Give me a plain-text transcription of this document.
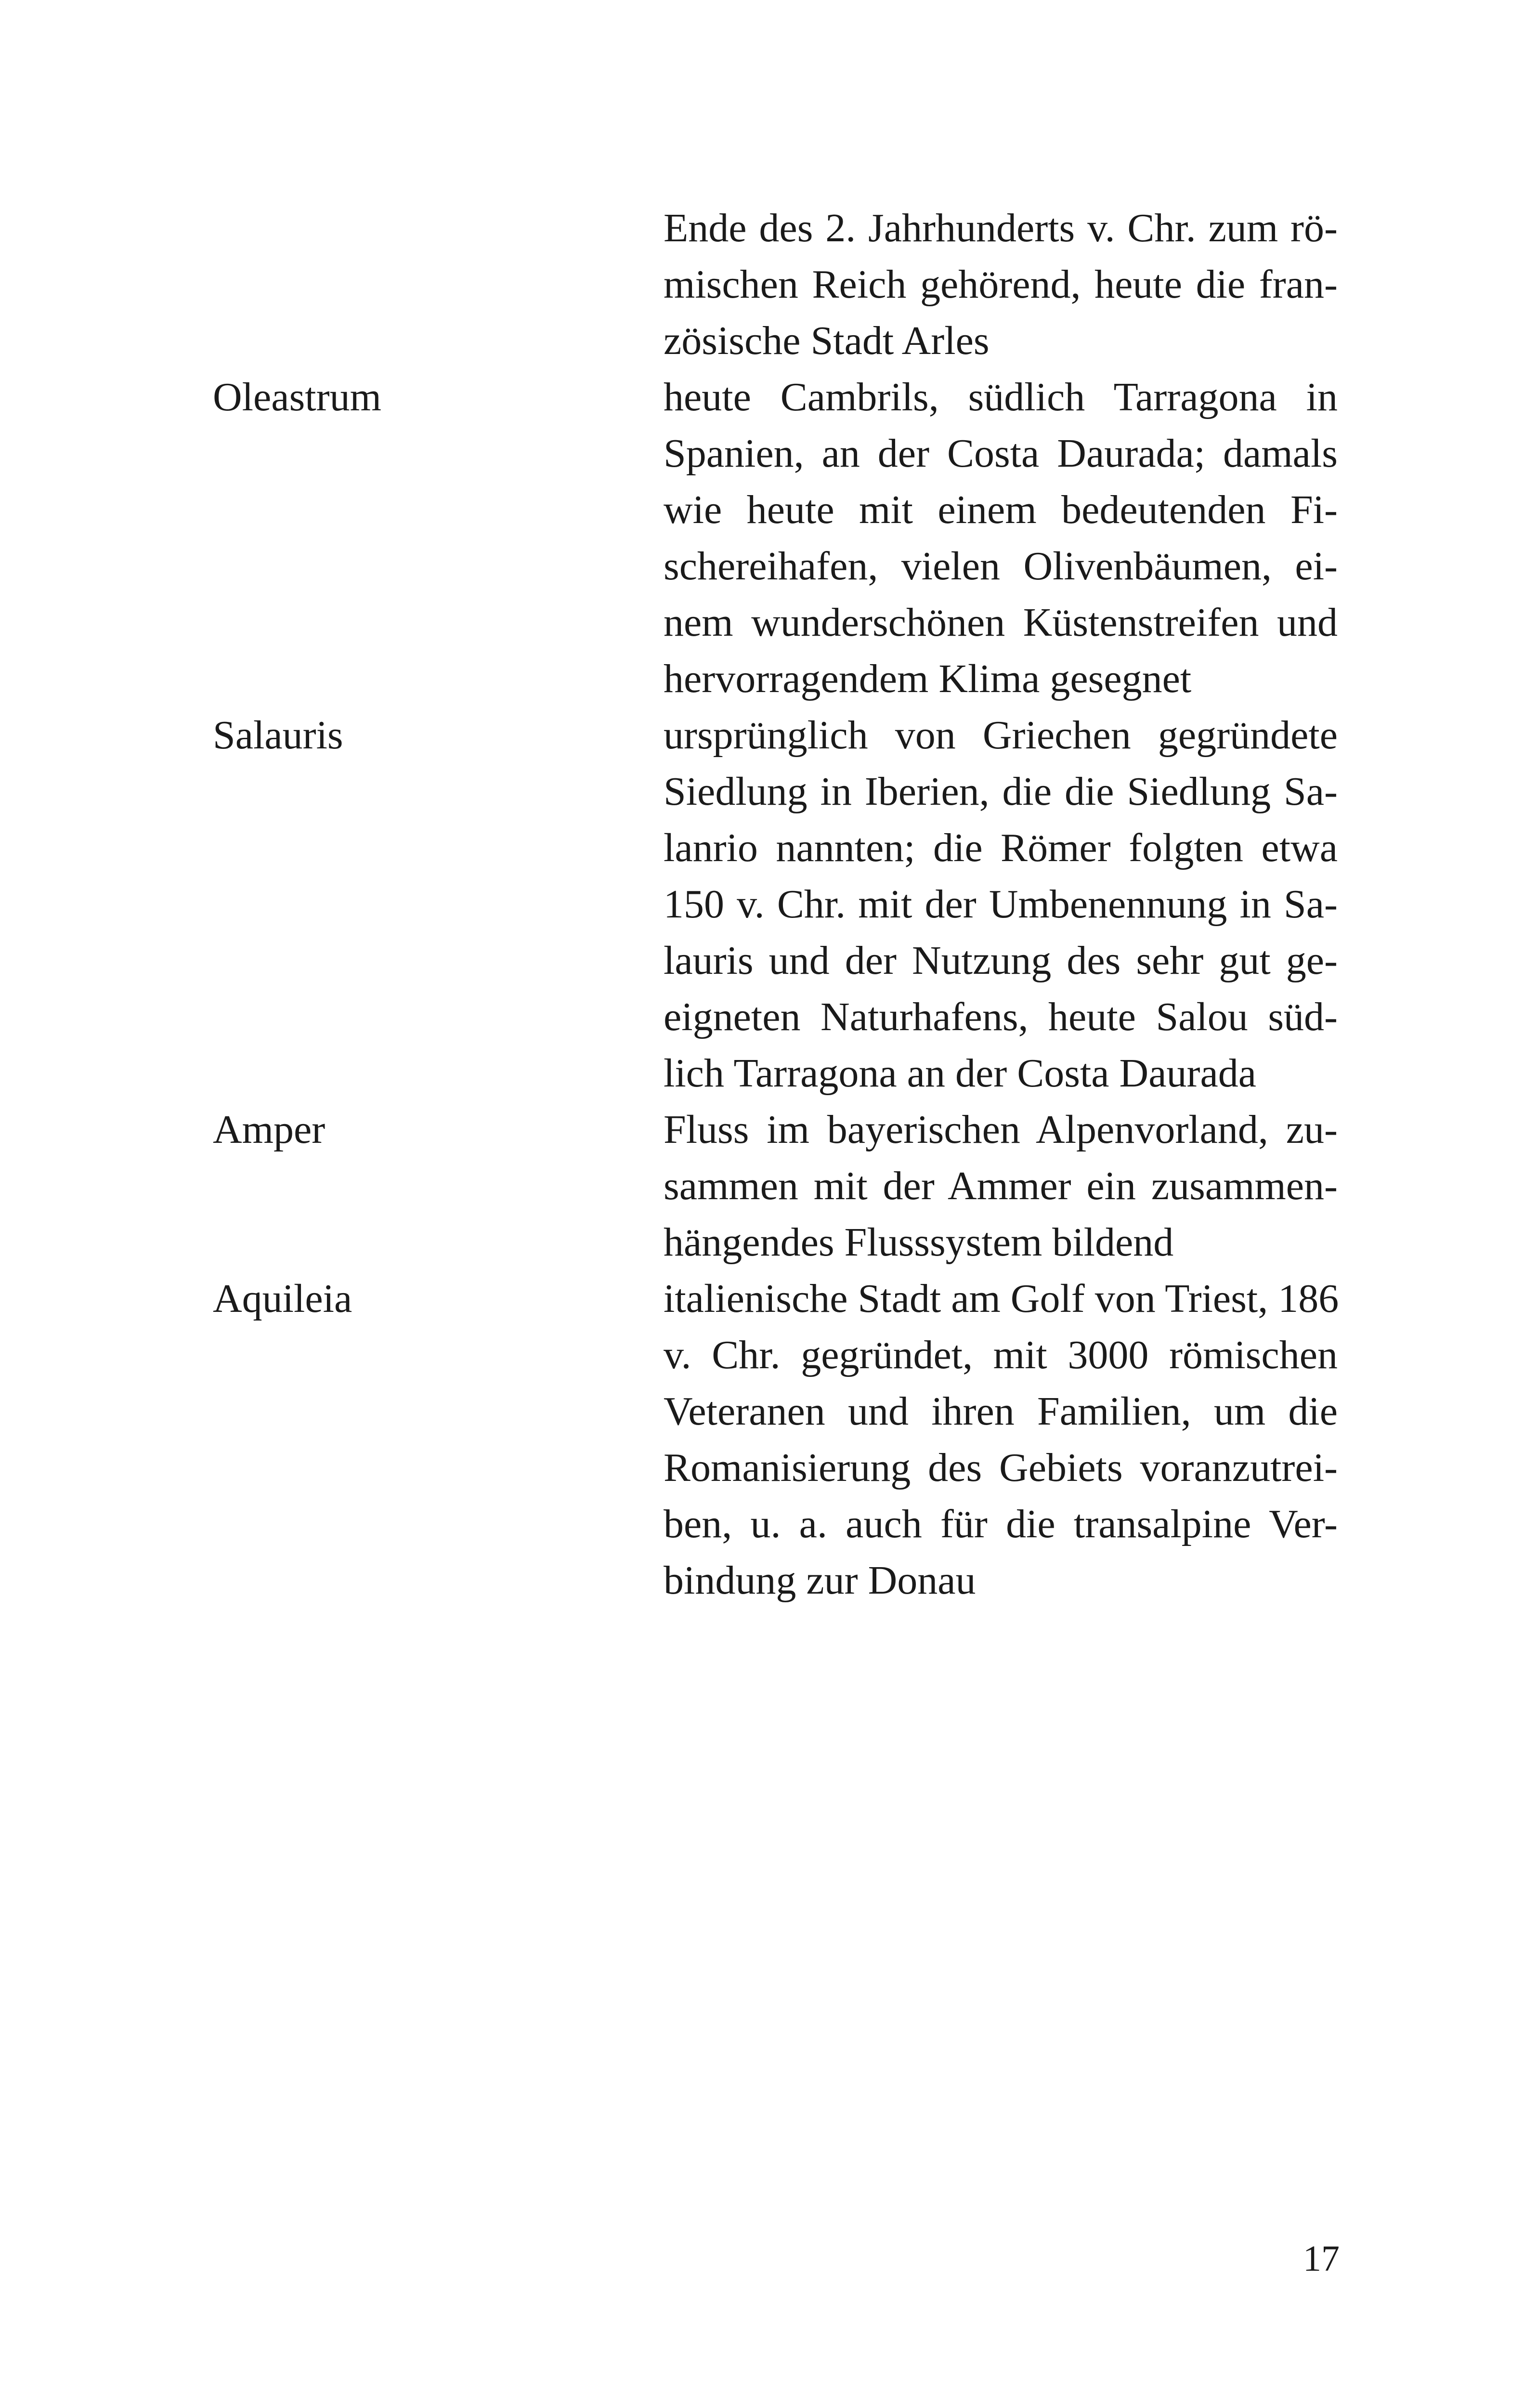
Ende des 2. Jahrhunderts v. Chr. zum rö-
mischen Reich gehörend, heute die fran-
zösische Stadt Arles
Oleastrum	heute Cambrils, südlich Tarragona in
Spanien, an der Costa Daurada; damals
wie heute mit einem bedeutenden Fi-
schereihafen, vielen Olivenbäumen, ei-
nem wunderschönen Küstenstreifen und
hervorragendem Klima gesegnet
Salauris	ursprünglich von Griechen gegründete
Siedlung in Iberien, die die Siedlung Sa-
lanrio nannten; die Römer folgten etwa
150 v. Chr. mit der Umbenennung in Sa-
lauris und der Nutzung des sehr gut ge-
eigneten Naturhafens, heute Salou süd-
lich Tarragona an der Costa Daurada
Amper	Fluss im bayerischen Alpenvorland, zu-
sammen mit der Ammer ein zusammen-
hängendes Flusssystem bildend
Aquileia	italienische Stadt am Golf von Triest, 186
v. Chr. gegründet, mit 3000 römischen
Veteranen und ihren Familien, um die
Romanisierung des Gebiets voranzutrei-
ben, u. a. auch für die transalpine Ver-
bindung zur Donau
17
